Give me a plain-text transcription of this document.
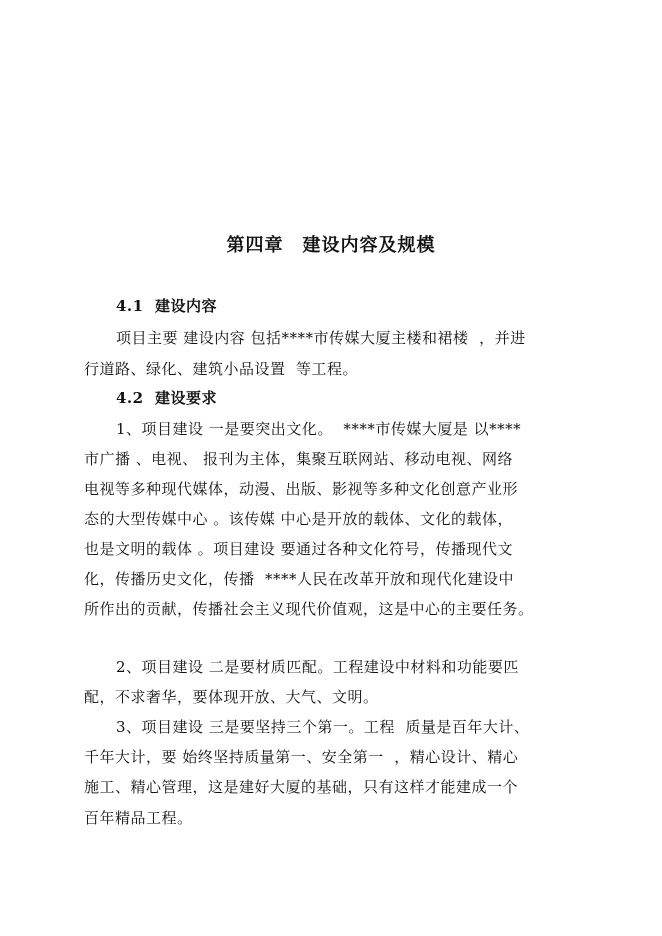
第四章　建设内容及规模
4.1  建设内容
项目主要 建设内容 包括****市传媒大厦主楼和裙楼  ，并进
行道路、绿化、建筑小品设置  等工程。
4.2  建设要求
1、项目建设 一是要突出文化。  ****市传媒大厦是 以****
市广播 、电视、 报刊为主体，集聚互联网站、移动电视、网络
电视等多种现代媒体，动漫、出版、影视等多种文化创意产业形
态的大型传媒中心 。该传媒 中心是开放的载体、文化的载体，
也是文明的载体 。项目建设 要通过各种文化符号，传播现代文
化，传播历史文化，传播  ****人民在改革开放和现代化建设中
所作出的贡献，传播社会主义现代价值观，这是中心的主要任务。
2、项目建设 二是要材质匹配。工程建设中材料和功能要匹
配，不求奢华，要体现开放、大气、文明。
3、项目建设 三是要坚持三个第一。工程  质量是百年大计、
千年大计，要 始终坚持质量第一、安全第一  ，精心设计、精心
施工、精心管理，这是建好大厦的基础，只有这样才能建成一个
百年精品工程。
